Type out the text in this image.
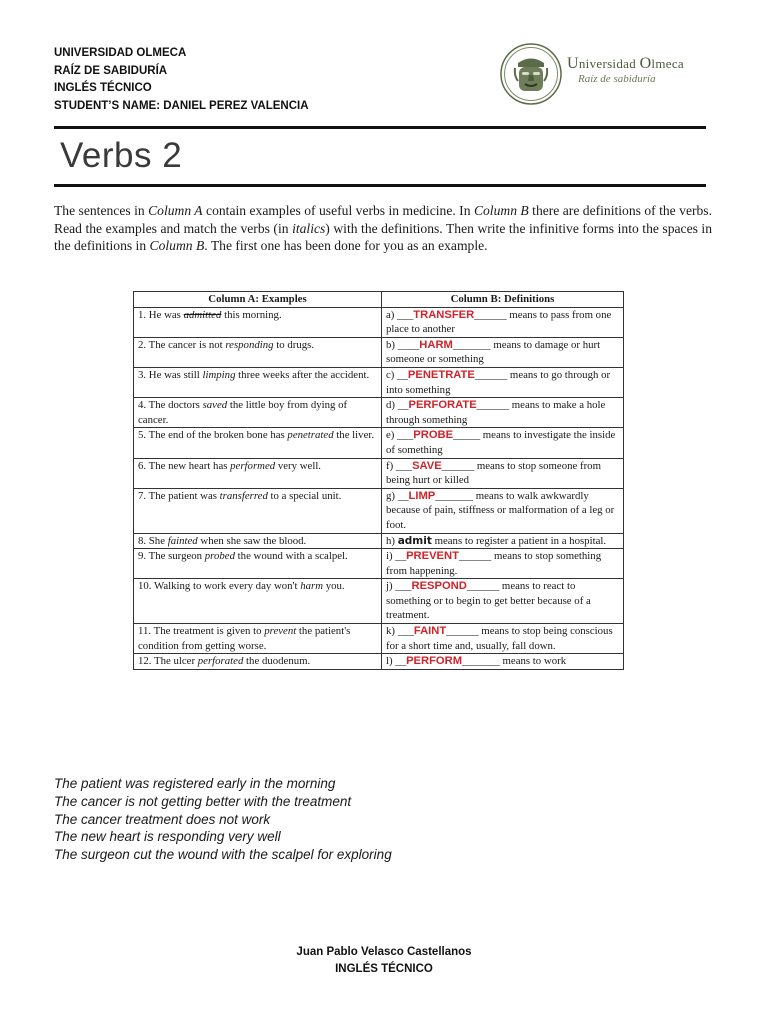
UNIVERSIDAD OLMECA
RAÍZ DE SABIDURÍA
INGLÉS TÉCNICO
STUDENT’S NAME: DANIEL PEREZ VALENCIA
Universidad Olmeca
Raíz de sabiduría
Verbs 2
The sentences in Column A contain examples of useful verbs in medicine. In Column B there are definitions of the verbs. Read the examples and match the verbs (in italics) with the definitions. Then write the infinitive forms into the spaces in the definitions in Column B. The first one has been done for you as an example.
Column A: Examples	Column B: Definitions
1. He was admitted this morning.	a) ___TRANSFER______ means to pass from one place to another
2. The cancer is not responding to drugs.	b) ____HARM_______ means to damage or hurt someone or something
3. He was still limping three weeks after the accident.	c) __PENETRATE______ means to go through or into something
4. The doctors saved the little boy from dying of cancer.	d) __PERFORATE______ means to make a hole through something
5. The end of the broken bone has penetrated the liver.	e) ___PROBE_____ means to investigate the inside of something
6. The new heart has performed very well.	f) ___SAVE______ means to stop someone from being hurt or killed
7. The patient was transferred to a special unit.	g) __LIMP_______ means to walk awkwardly
because of pain, stiffness or malformation of a leg or foot.
8. She fainted when she saw the blood.	h) admit means to register a patient in a hospital.
9. The surgeon probed the wound with a scalpel.	i) __PREVENT______ means to stop something from happening.
10. Walking to work every day won't harm you.	j) ___RESPOND______ means to react to something or to begin to get better because of a treatment.
11. The treatment is given to prevent the patient's condition from getting worse.	k) ___FAINT______ means to stop being conscious for a short time and, usually, fall down.
12. The ulcer perforated the duodenum.	l) __PERFORM_______ means to work
The patient was registered early in the morning
The cancer is not getting better with the treatment
The cancer treatment does not work
The new heart is responding very well
The surgeon cut the wound with the scalpel for exploring
Juan Pablo Velasco Castellanos
INGLÉS TÉCNICO
